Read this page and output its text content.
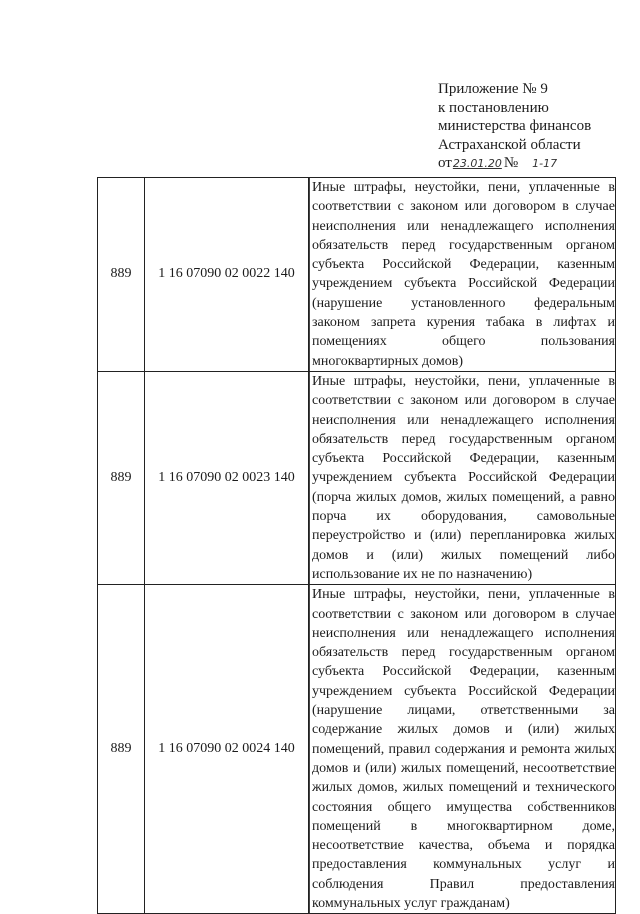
Приложение № 9
к постановлению
министерства финансов
Астраханской области
от23.01.20 № 1-17
889	1 16 07090 02 0022 140	Иные штрафы, неустойки, пени, уплаченные в соответствии с законом или договором в случае неисполнения или ненадлежащего исполнения обязательств перед государственным органом субъекта Российской Федерации, казенным учреждением субъекта Российской Федерации (нарушение установленного федеральным законом запрета курения табака в лифтах и помещениях общего пользования многоквартирных домов)

889	1 16 07090 02 0023 140	Иные штрафы, неустойки, пени, уплаченные в соответствии с законом или договором в случае неисполнения или ненадлежащего исполнения обязательств перед государственным органом субъекта Российской Федерации, казенным учреждением субъекта Российской Федерации (порча жилых домов, жилых помещений, а равно порча их оборудования, самовольные переустройство и (или) перепланировка жилых домов и (или) жилых помещений либо использование их не по назначению)

889	1 16 07090 02 0024 140	Иные штрафы, неустойки, пени, уплаченные в соответствии с законом или договором в случае неисполнения или ненадлежащего исполнения обязательств перед государственным органом субъекта Российской Федерации, казенным учреждением субъекта Российской Федерации (нарушение лицами, ответственными за содержание жилых домов и (или) жилых помещений, правил содержания и ремонта жилых домов и (или) жилых помещений, несоответствие жилых домов, жилых помещений и технического состояния общего имущества собственников помещений в многоквартирном доме, несоответствие качества, объема и порядка предоставления коммунальных услуг и соблюдения Правил предоставления коммунальных услуг гражданам)
